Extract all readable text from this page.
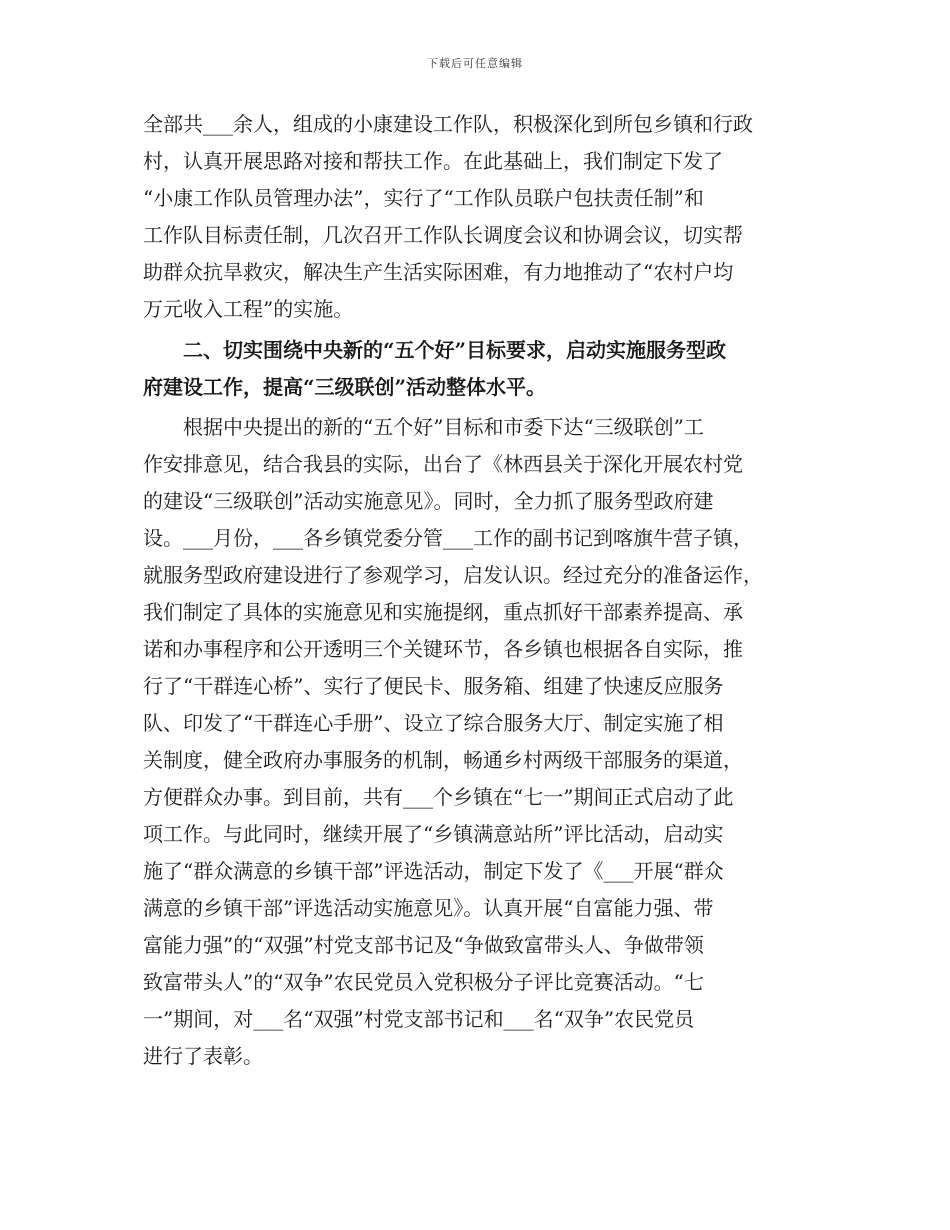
下载后可任意编辑
全部共___余人，组成的小康建设工作队，积极深化到所包乡镇和行政
村，认真开展思路对接和帮扶工作。在此基础上，我们制定下发了
“小康工作队员管理办法”，实行了“工作队员联户包扶责任制”和
工作队目标责任制，几次召开工作队长调度会议和协调会议，切实帮
助群众抗旱救灾，解决生产生活实际困难，有力地推动了“农村户均
万元收入工程”的实施。
　　二、切实围绕中央新的“五个好”目标要求，启动实施服务型政
府建设工作，提高“三级联创”活动整体水平。
　　根据中央提出的新的“五个好”目标和市委下达“三级联创”工
作安排意见，结合我县的实际，出台了《林西县关于深化开展农村党
的建设“三级联创”活动实施意见》。同时，全力抓了服务型政府建
设。___月份，___各乡镇党委分管___工作的副书记到喀旗牛营子镇，
就服务型政府建设进行了参观学习，启发认识。经过充分的准备运作，
我们制定了具体的实施意见和实施提纲，重点抓好干部素养提高、承
诺和办事程序和公开透明三个关键环节，各乡镇也根据各自实际，推
行了“干群连心桥”、实行了便民卡、服务箱、组建了快速反应服务
队、印发了“干群连心手册”、设立了综合服务大厅、制定实施了相
关制度，健全政府办事服务的机制，畅通乡村两级干部服务的渠道，
方便群众办事。到目前，共有___个乡镇在“七一”期间正式启动了此
项工作。与此同时，继续开展了“乡镇满意站所”评比活动，启动实
施了“群众满意的乡镇干部”评选活动，制定下发了《___开展“群众
满意的乡镇干部”评选活动实施意见》。认真开展“自富能力强、带
富能力强”的“双强”村党支部书记及“争做致富带头人、争做带领
致富带头人”的“双争”农民党员入党积极分子评比竞赛活动。“七
一”期间，对___名“双强”村党支部书记和___名“双争”农民党员
进行了表彰。
